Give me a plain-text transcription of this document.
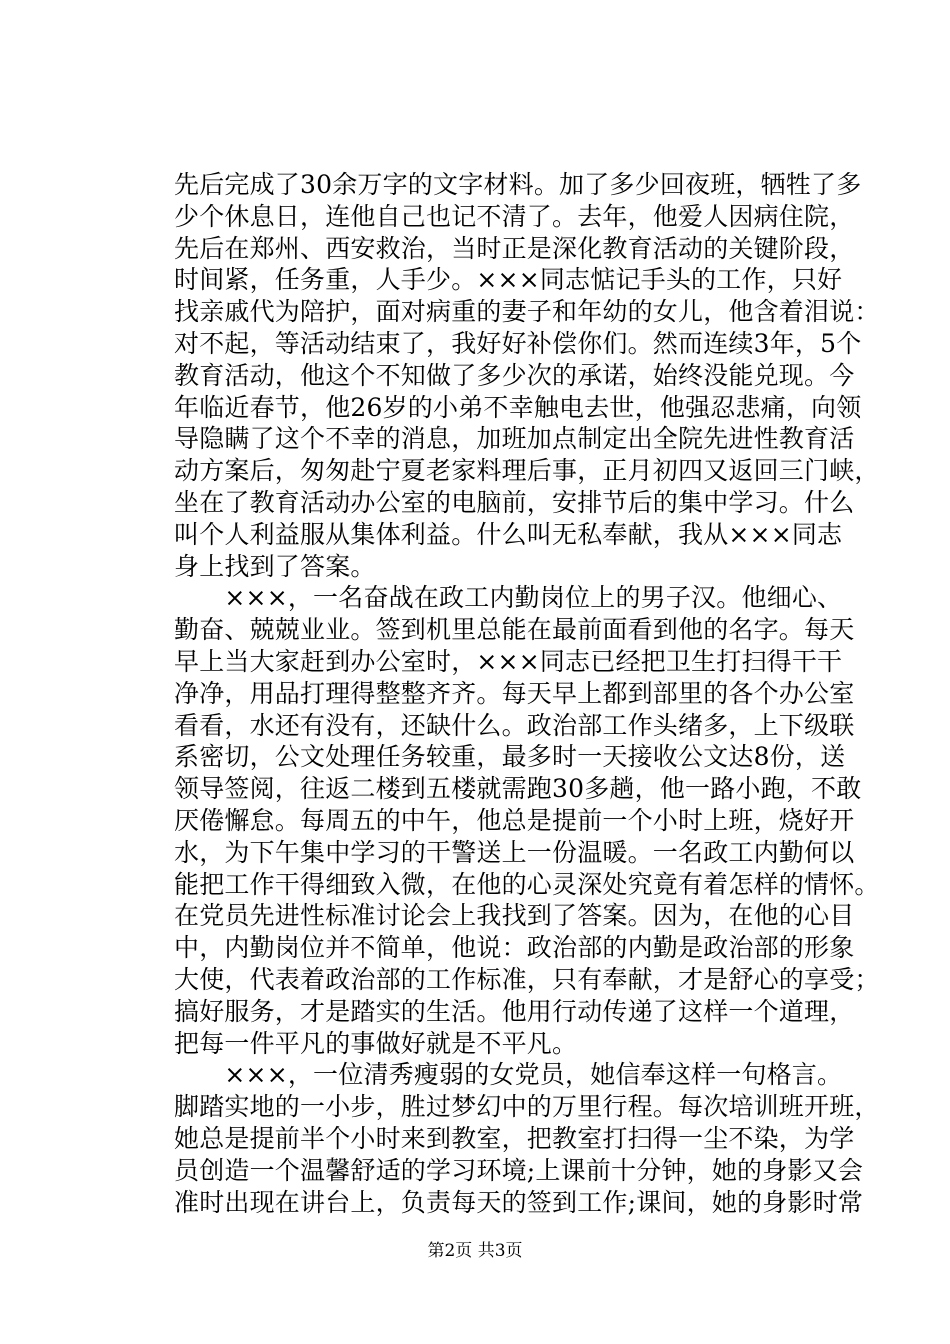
先后完成了30余万字的文字材料。加了多少回夜班，牺牲了多
少个休息日，连他自己也记不清了。去年，他爱人因病住院，
先后在郑州、西安救治，当时正是深化教育活动的关键阶段，
时间紧，任务重，人手少。×××同志惦记手头的工作，只好
找亲戚代为陪护，面对病重的妻子和年幼的女儿，他含着泪说：
对不起，等活动结束了，我好好补偿你们。然而连续3年，5个
教育活动，他这个不知做了多少次的承诺，始终没能兑现。今
年临近春节，他26岁的小弟不幸触电去世，他强忍悲痛，向领
导隐瞒了这个不幸的消息，加班加点制定出全院先进性教育活
动方案后，匆匆赴宁夏老家料理后事，正月初四又返回三门峡，
坐在了教育活动办公室的电脑前，安排节后的集中学习。什么
叫个人利益服从集体利益。什么叫无私奉献，我从×××同志
身上找到了答案。
　　×××，一名奋战在政工内勤岗位上的男子汉。他细心、
勤奋、兢兢业业。签到机里总能在最前面看到他的名字。每天
早上当大家赶到办公室时，×××同志已经把卫生打扫得干干
净净，用品打理得整整齐齐。每天早上都到部里的各个办公室
看看，水还有没有，还缺什么。政治部工作头绪多，上下级联
系密切，公文处理任务较重，最多时一天接收公文达8份，送
领导签阅，往返二楼到五楼就需跑30多趟，他一路小跑，不敢
厌倦懈怠。每周五的中午，他总是提前一个小时上班，烧好开
水，为下午集中学习的干警送上一份温暖。一名政工内勤何以
能把工作干得细致入微，在他的心灵深处究竟有着怎样的情怀。
在党员先进性标准讨论会上我找到了答案。因为，在他的心目
中，内勤岗位并不简单，他说：政治部的内勤是政治部的形象
大使，代表着政治部的工作标准，只有奉献，才是舒心的享受；
搞好服务，才是踏实的生活。他用行动传递了这样一个道理，
把每一件平凡的事做好就是不平凡。
　　×××，一位清秀瘦弱的女党员，她信奉这样一句格言。
脚踏实地的一小步，胜过梦幻中的万里行程。每次培训班开班，
她总是提前半个小时来到教室，把教室打扫得一尘不染，为学
员创造一个温馨舒适的学习环境;上课前十分钟，她的身影又会
准时出现在讲台上，负责每天的签到工作;课间，她的身影时常
第2页 共3页
